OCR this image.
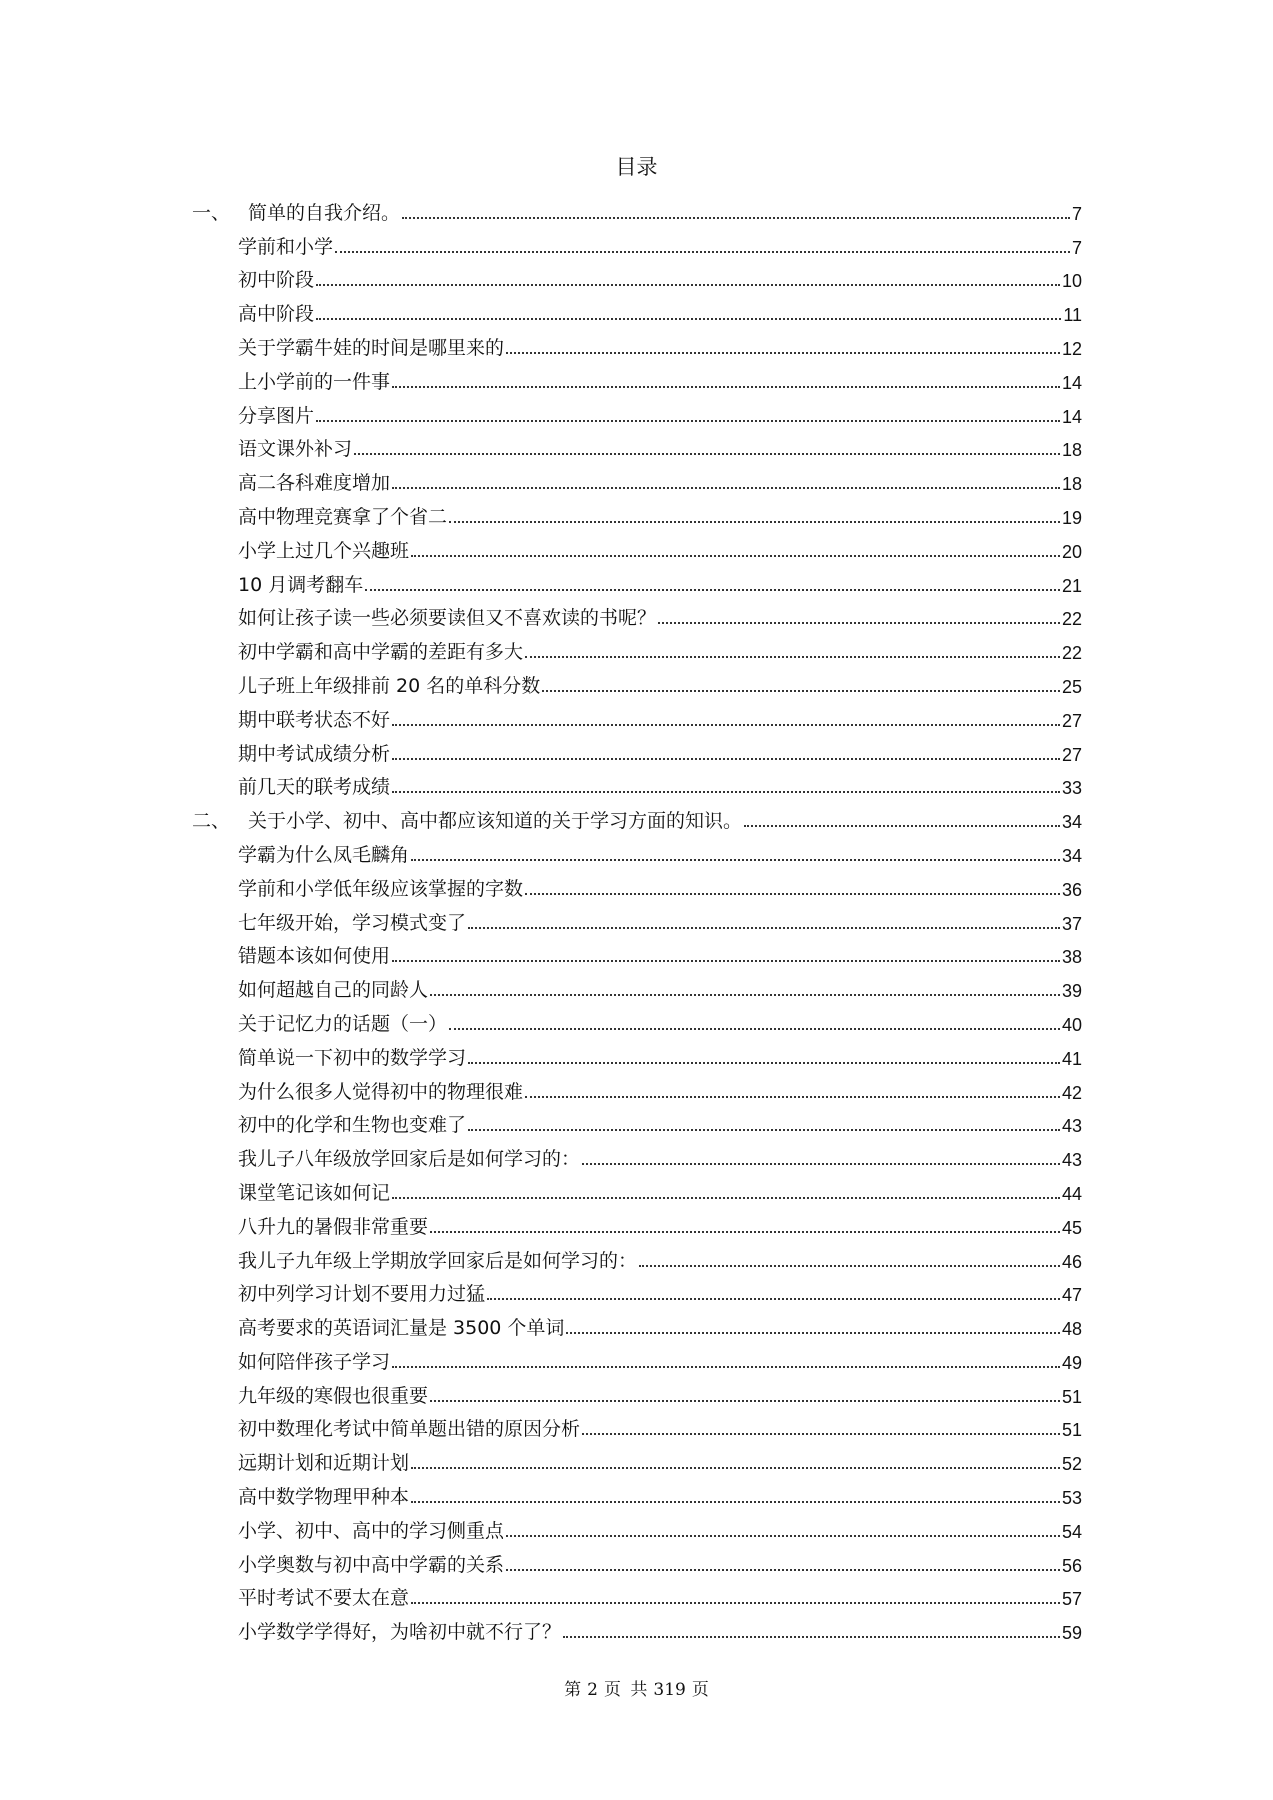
目录
一、 简单的自我介绍。	7
学前和小学	7
初中阶段	10
高中阶段	11
关于学霸牛娃的时间是哪里来的	12
上小学前的一件事	14
分享图片	14
语文课外补习	18
高二各科难度增加	18
高中物理竞赛拿了个省二	19
小学上过几个兴趣班	20
10 月调考翻车	21
如何让孩子读一些必须要读但又不喜欢读的书呢？	22
初中学霸和高中学霸的差距有多大	22
儿子班上年级排前 20 名的单科分数	25
期中联考状态不好	27
期中考试成绩分析	27
前几天的联考成绩	33
二、 关于小学、初中、高中都应该知道的关于学习方面的知识。	34
学霸为什么凤毛麟角	34
学前和小学低年级应该掌握的字数	36
七年级开始，学习模式变了	37
错题本该如何使用	38
如何超越自己的同龄人	39
关于记忆力的话题（一）	40
简单说一下初中的数学学习	41
为什么很多人觉得初中的物理很难	42
初中的化学和生物也变难了	43
我儿子八年级放学回家后是如何学习的：	43
课堂笔记该如何记	44
八升九的暑假非常重要	45
我儿子九年级上学期放学回家后是如何学习的：	46
初中列学习计划不要用力过猛	47
高考要求的英语词汇量是 3500 个单词	48
如何陪伴孩子学习	49
九年级的寒假也很重要	51
初中数理化考试中简单题出错的原因分析	51
远期计划和近期计划	52
高中数学物理甲种本	53
小学、初中、高中的学习侧重点	54
小学奥数与初中高中学霸的关系	56
平时考试不要太在意	57
小学数学学得好，为啥初中就不行了？	59
第 2 页 共 319 页
